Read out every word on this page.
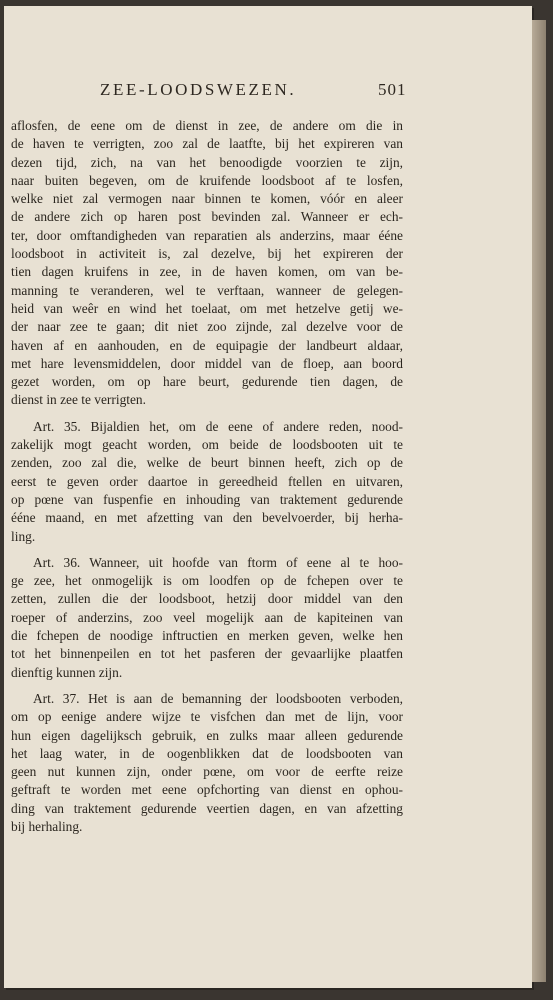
ZEE-LOODSWEZEN.	501
aflosfen, de eene om de dienst in zee, de andere om die in
de haven te verrigten, zoo zal de laatfte, bij het expireren van
dezen tijd, zich, na van het benoodigde voorzien te zijn,
naar buiten begeven, om de kruifende loodsboot af te losfen,
welke niet zal vermogen naar binnen te komen, vóór en aleer
de andere zich op haren post bevinden zal. Wanneer er ech-
ter, door omftandigheden van reparatien als anderzins, maar ééne
loodsboot in activiteit is, zal dezelve, bij het expireren der
tien dagen kruifens in zee, in de haven komen, om van be-
manning te veranderen, wel te verftaan, wanneer de gelegen-
heid van weêr en wind het toelaat, om met hetzelve getij we-
der naar zee te gaan; dit niet zoo zijnde, zal dezelve voor de
haven af en aanhouden, en de equipagie der landbeurt aldaar,
met hare levensmiddelen, door middel van de floep, aan boord
gezet worden, om op hare beurt, gedurende tien dagen, de
dienst in zee te verrigten.
Art. 35. Bijaldien het, om de eene of andere reden, nood-
zakelijk mogt geacht worden, om beide de loodsbooten uit te
zenden, zoo zal die, welke de beurt binnen heeft, zich op de
eerst te geven order daartoe in gereedheid ftellen en uitvaren,
op pœne van fuspenfie en inhouding van traktement gedurende
ééne maand, en met afzetting van den bevelvoerder, bij herha-
ling.
Art. 36. Wanneer, uit hoofde van ftorm of eene al te hoo-
ge zee, het onmogelijk is om loodfen op de fchepen over te
zetten, zullen die der loodsboot, hetzij door middel van den
roeper of anderzins, zoo veel mogelijk aan de kapiteinen van
die fchepen de noodige inftructien en merken geven, welke hen
tot het binnenpeilen en tot het pasferen der gevaarlijke plaatfen
dienftig kunnen zijn.
Art. 37. Het is aan de bemanning der loodsbooten verboden,
om op eenige andere wijze te visfchen dan met de lijn, voor
hun eigen dagelijksch gebruik, en zulks maar alleen gedurende
het laag water, in de oogenblikken dat de loodsbooten van
geen nut kunnen zijn, onder pœne, om voor de eerfte reize
geftraft te worden met eene opfchorting van dienst en ophou-
ding van traktement gedurende veertien dagen, en van afzetting
bij herhaling.
